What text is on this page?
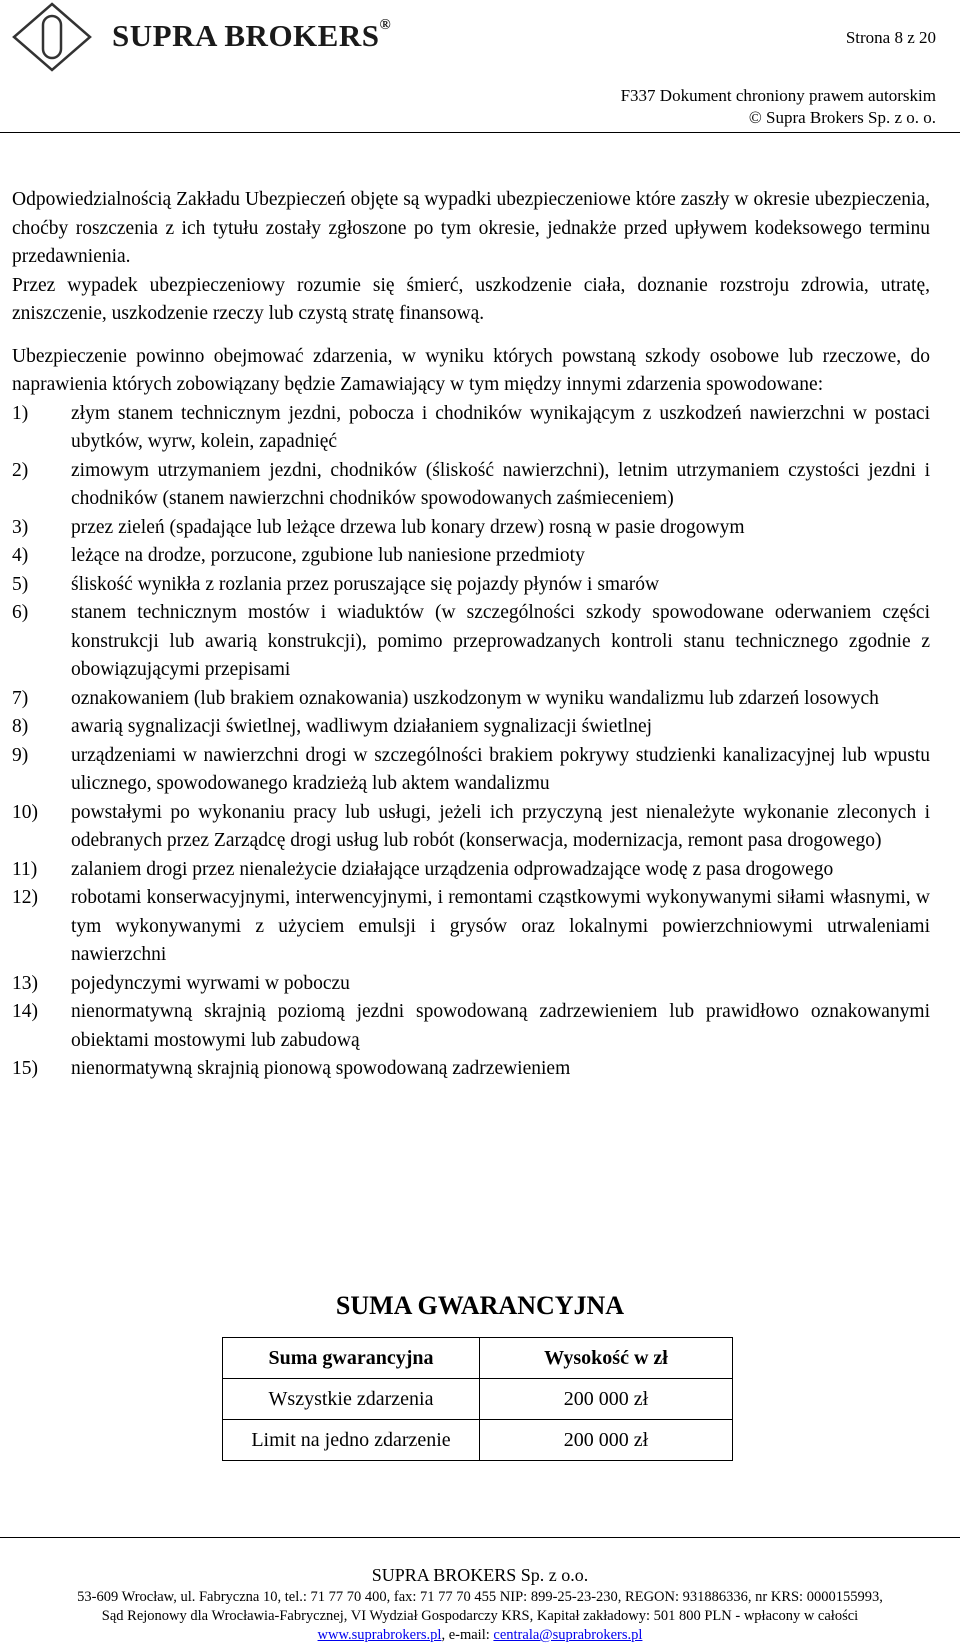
SUPRA BROKERS®
Strona 8 z 20
F337 Dokument chroniony prawem autorskim
© Supra Brokers Sp. z o. o.

Odpowiedzialnością Zakładu Ubezpieczeń objęte są wypadki ubezpieczeniowe które zaszły w okresie ubezpieczenia, choćby roszczenia z ich tytułu zostały zgłoszone po tym okresie, jednakże przed upływem kodeksowego terminu przedawnienia.

Przez wypadek ubezpieczeniowy rozumie się śmierć, uszkodzenie ciała, doznanie rozstroju zdrowia, utratę, zniszczenie, uszkodzenie rzeczy lub czystą stratę finansową.

Ubezpieczenie powinno obejmować zdarzenia, w wyniku których powstaną szkody osobowe lub rzeczowe, do naprawienia których zobowiązany będzie Zamawiający w tym między innymi zdarzenia spowodowane:

1) złym stanem technicznym jezdni, pobocza i chodników wynikającym z uszkodzeń nawierzchni w postaci ubytków, wyrw, kolein, zapadnięć
2) zimowym utrzymaniem jezdni, chodników (śliskość nawierzchni), letnim utrzymaniem czystości jezdni i chodników (stanem nawierzchni chodników spowodowanych zaśmieceniem)
3) przez zieleń (spadające lub leżące drzewa lub konary drzew) rosną w pasie drogowym
4) leżące na drodze, porzucone, zgubione lub naniesione przedmioty
5) śliskość wynikła z rozlania przez poruszające się pojazdy płynów i smarów
6) stanem technicznym mostów i wiaduktów (w szczególności szkody spowodowane oderwaniem części konstrukcji lub awarią konstrukcji), pomimo przeprowadzanych kontroli stanu technicznego zgodnie z obowiązującymi przepisami
7) oznakowaniem (lub brakiem oznakowania) uszkodzonym w wyniku wandalizmu lub zdarzeń losowych
8) awarią sygnalizacji świetlnej, wadliwym działaniem sygnalizacji świetlnej
9) urządzeniami w nawierzchni drogi w szczególności brakiem pokrywy studzienki kanalizacyjnej lub wpustu ulicznego, spowodowanego kradzieżą lub aktem wandalizmu
10) powstałymi po wykonaniu pracy lub usługi, jeżeli ich przyczyną jest nienależyte wykonanie zleconych i odebranych przez Zarządcę drogi usług lub robót (konserwacja, modernizacja, remont pasa drogowego)
11) zalaniem drogi przez nienależycie działające urządzenia odprowadzające wodę z pasa drogowego
12) robotami konserwacyjnymi, interwencyjnymi, i remontami cząstkowymi wykonywanymi siłami własnymi, w tym wykonywanymi z użyciem emulsji i grysów oraz lokalnymi powierzchniowymi utrwaleniami nawierzchni
13) pojedynczymi wyrwami w poboczu
14) nienormatywną skrajnią poziomą jezdni spowodowaną zadrzewieniem lub prawidłowo oznakowanymi obiektami mostowymi lub zabudową
15) nienormatywną skrajnią pionową spowodowaną zadrzewieniem
SUMA GWARANCYJNA
Suma gwarancyjna	Wysokość w zł
Wszystkie zdarzenia	200 000 zł
Limit na jedno zdarzenie	200 000 zł
SUPRA BROKERS Sp. z o.o.
53-609 Wrocław, ul. Fabryczna 10, tel.: 71 77 70 400, fax: 71 77 70 455 NIP: 899-25-23-230, REGON: 931886336, nr KRS: 0000155993,
Sąd Rejonowy dla Wrocławia-Fabrycznej, VI Wydział Gospodarczy KRS, Kapitał zakładowy: 501 800 PLN - wpłacony w całości
www.suprabrokers.pl, e-mail: centrala@suprabrokers.pl
